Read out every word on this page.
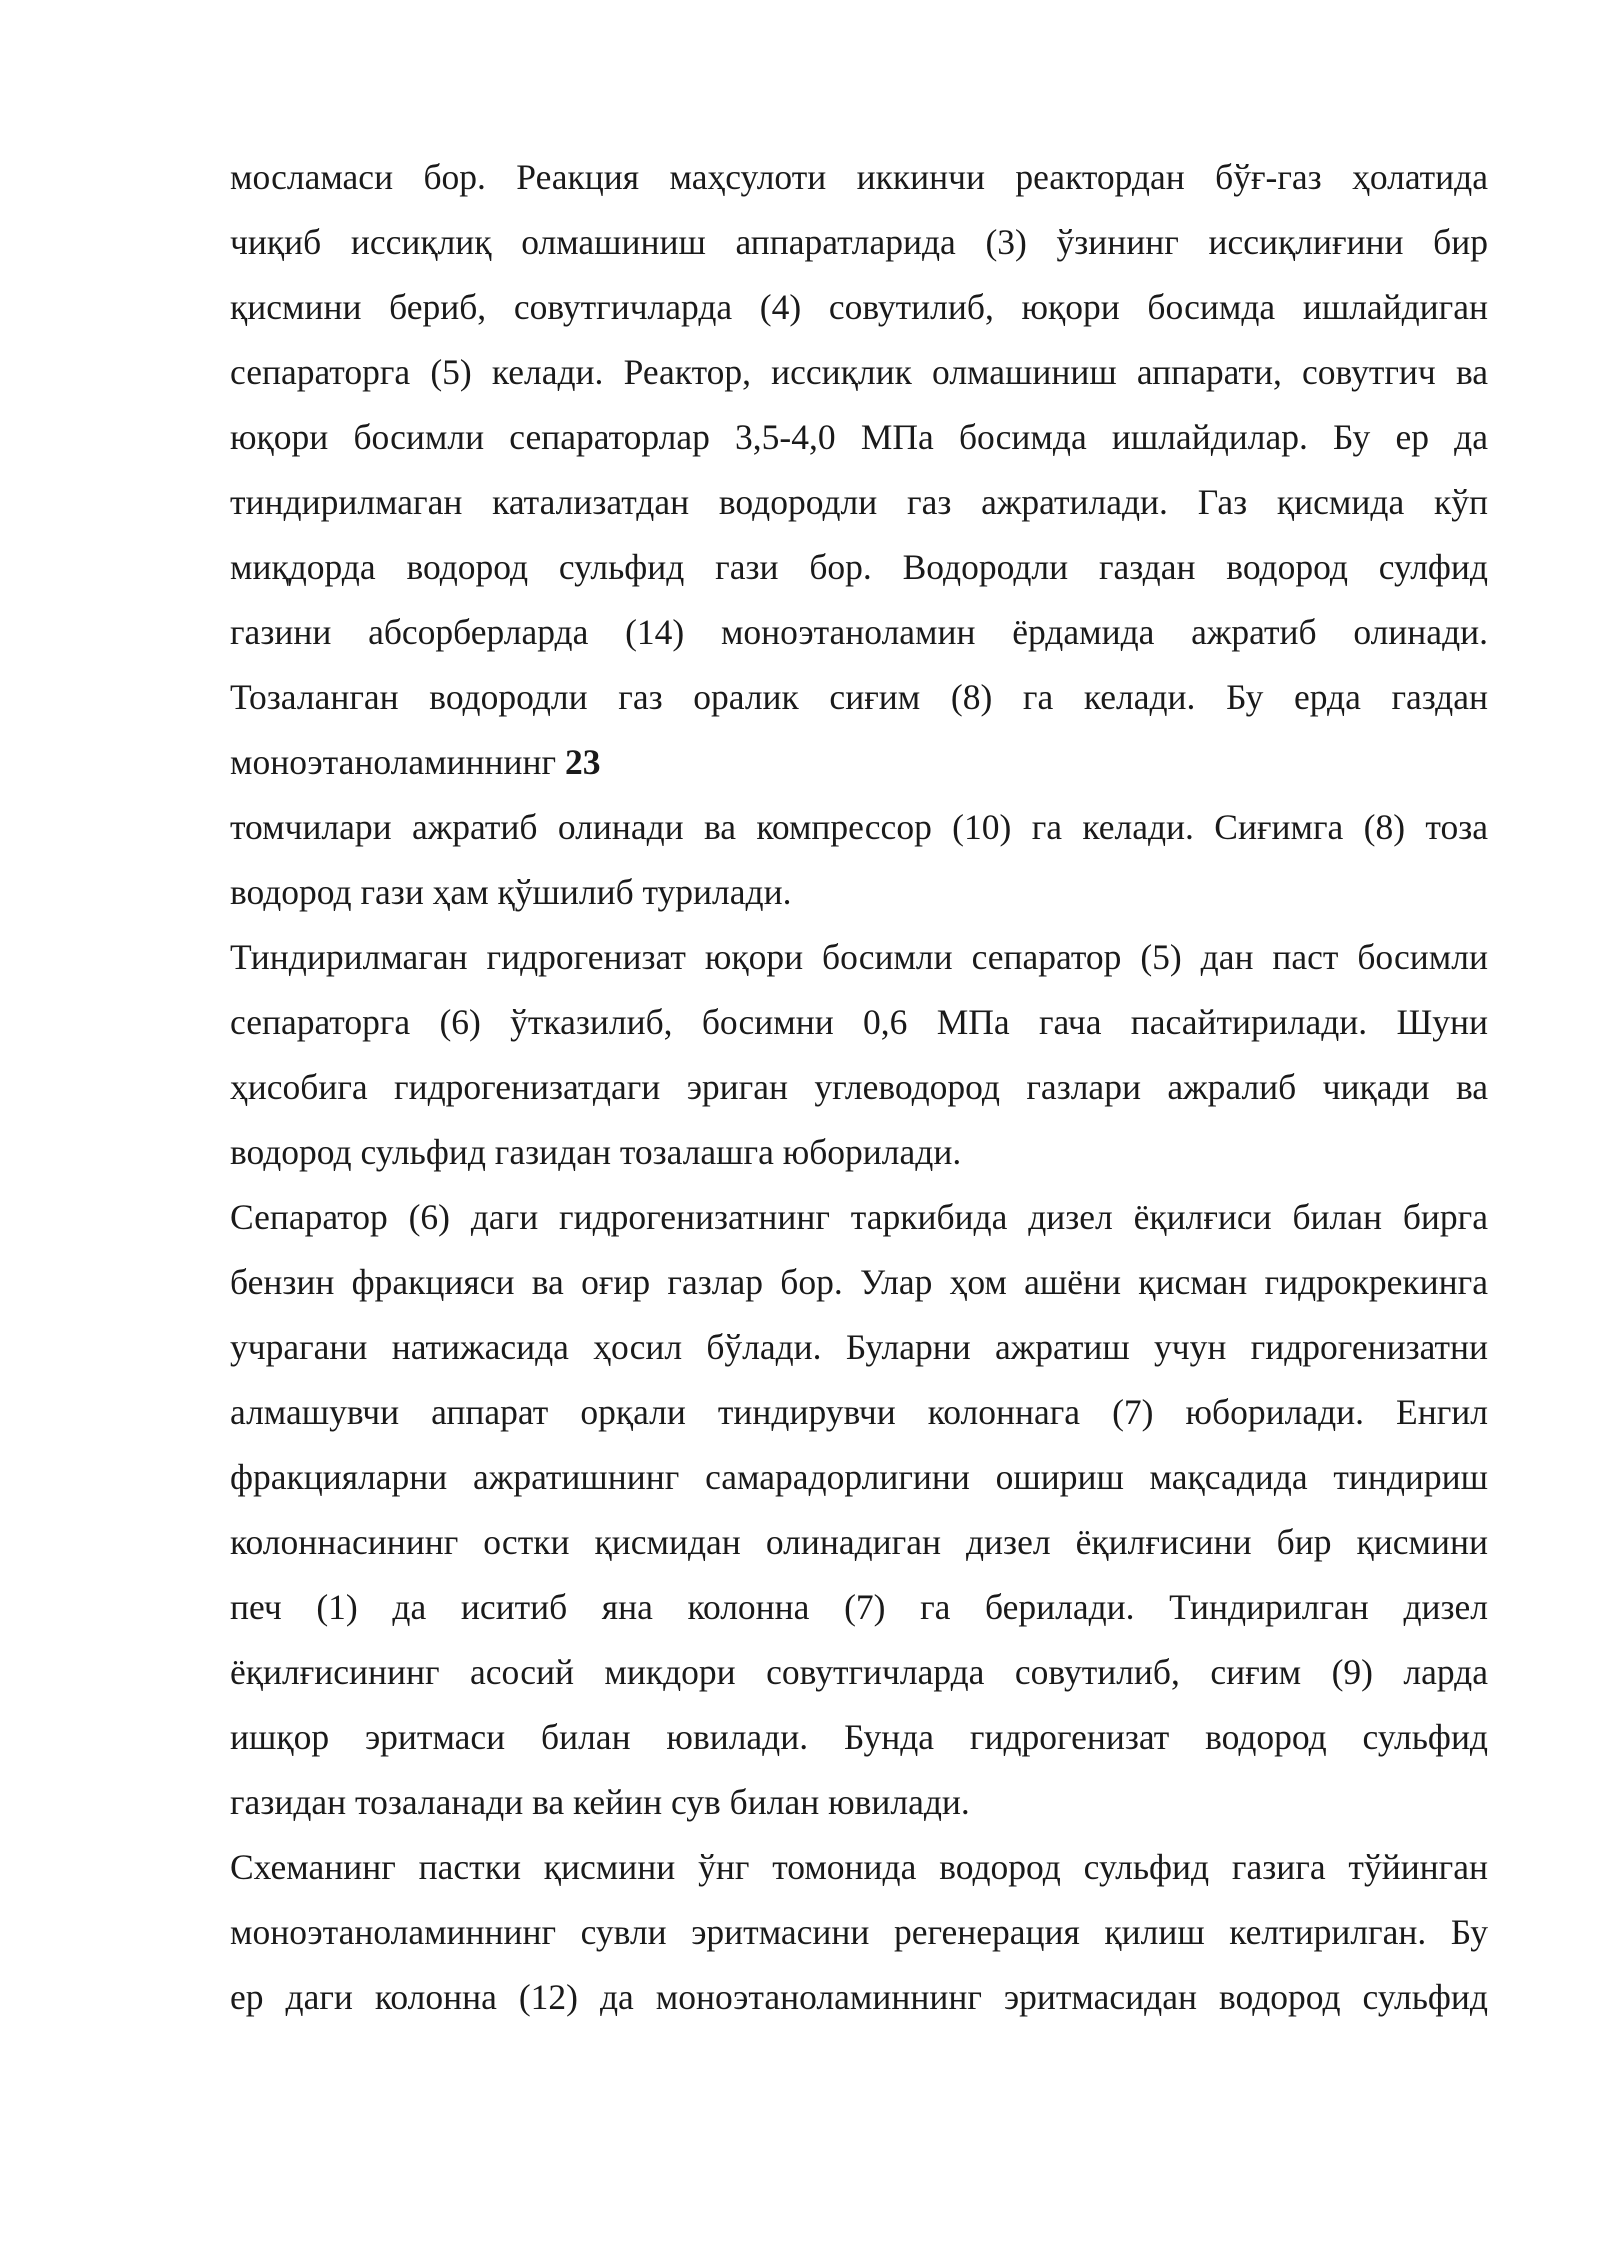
мосламаси бор. Реакция маҳсулоти иккинчи реактордан бўғ-газ ҳолатида
чиқиб иссиқлиқ олмашиниш аппаратларида (3) ўзининг иссиқлиғини бир
қисмини бериб, совутгичларда (4) совутилиб, юқори босимда ишлайдиган
сепараторга (5) келади. Реактор, иссиқлик олмашиниш аппарати, совутгич ва
юқори босимли сепараторлар 3,5-4,0 МПа босимда ишлайдилар. Бу ер да
тиндирилмаган катализатдан водородли газ ажратилади. Газ қисмида кўп
миқдорда водород сульфид гази бор. Водородли газдан водород сулфид
газини абсорберларда (14) моноэтаноламин ёрдамида ажратиб олинади.
Тозаланган водородли газ оралик сиғим (8) га келади. Бу ерда газдан
моноэтаноламиннинг 23
томчилари ажратиб олинади ва компрессор (10) га келади. Сиғимга (8) тоза
водород гази ҳам қўшилиб турилади.
Тиндирилмаган гидрогенизат юқори босимли сепаратор (5) дан паст босимли
сепараторга (6) ўтказилиб, босимни 0,6 МПа гача пасайтирилади. Шуни
ҳисобига гидрогенизатдаги эриган углеводород газлари ажралиб чиқади ва
водород сульфид газидан тозалашга юборилади.
Сепаратор (6) даги гидрогенизатнинг таркибида дизел ёқилғиси билан бирга
бензин фракцияси ва оғир газлар бор. Улар ҳом ашёни қисман гидрокрекинга
учрагани натижасида ҳосил бўлади. Буларни ажратиш учун гидрогенизатни
алмашувчи аппарат орқали тиндирувчи колоннага (7) юборилади. Енгил
фракцияларни ажратишнинг самарадорлигини ошириш мақсадида тиндириш
колоннасининг остки қисмидан олинадиган дизел ёқилғисини бир қисмини
печ (1) да иситиб яна колонна (7) га берилади. Тиндирилган дизел
ёқилғисининг асосий микдори совутгичларда совутилиб, сиғим (9) ларда
ишқор эритмаси билан ювилади. Бунда гидрогенизат водород сульфид
газидан тозаланади ва кейин сув билан ювилади.
Схеманинг пастки қисмини ўнг томонида водород сульфид газига тўйинган
моноэтаноламиннинг сувли эритмасини регенерация қилиш келтирилган. Бу
ер даги колонна (12) да моноэтаноламиннинг эритмасидан водород сульфид
